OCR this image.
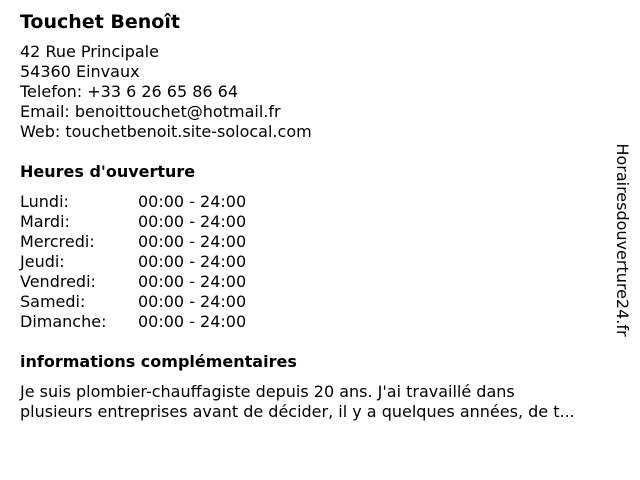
Touchet Benoît
42 Rue Principale
54360 Einvaux
Telefon: +33 6 26 65 86 64
Email: benoittouchet@hotmail.fr
Web: touchetbenoit.site-solocal.com
Heures d'ouverture
Lundi:	00:00 - 24:00
Mardi:	00:00 - 24:00
Mercredi:	00:00 - 24:00
Jeudi:	00:00 - 24:00
Vendredi:	00:00 - 24:00
Samedi:	00:00 - 24:00
Dimanche:	00:00 - 24:00
informations complémentaires
Je suis plombier-chauffagiste depuis 20 ans. J'ai travaillé dans
plusieurs entreprises avant de décider, il y a quelques années, de t...
Horairesdouverture24.fr
